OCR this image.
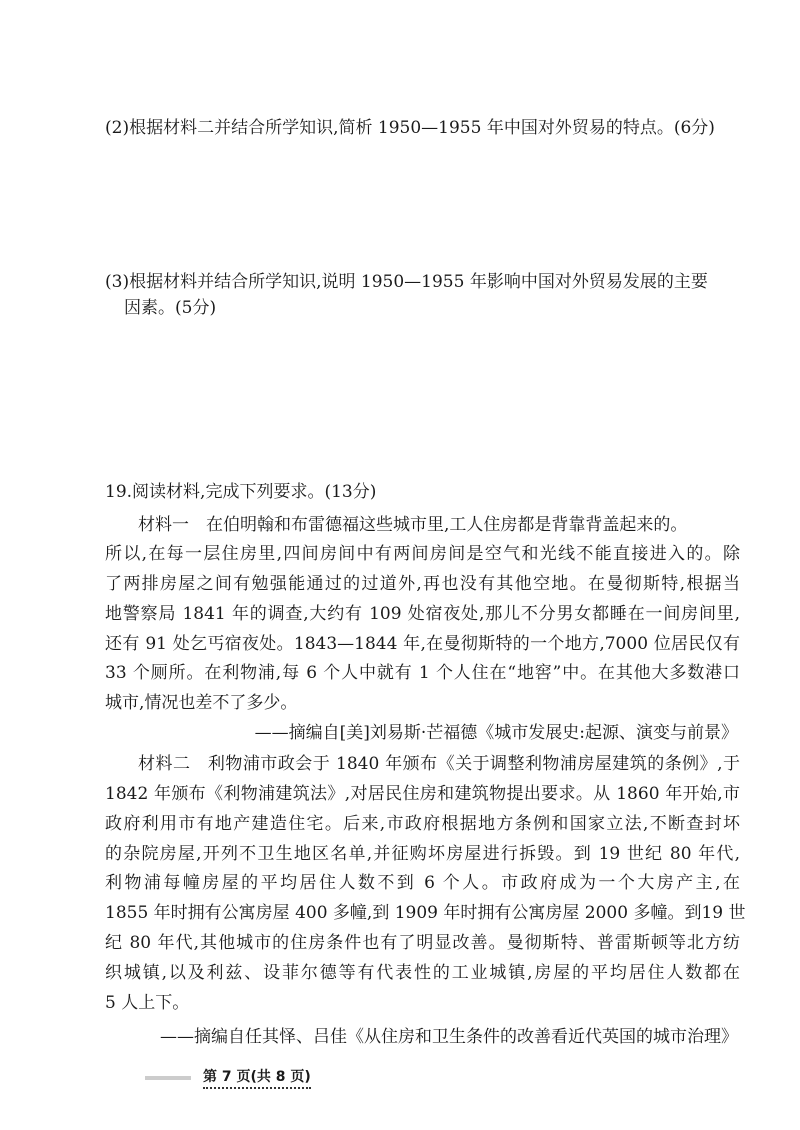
(2)根据材料二并结合所学知识,简析 1950—1955 年中国对外贸易的特点。(6分)
(3)根据材料并结合所学知识,说明 1950—1955 年影响中国对外贸易发展的主要
因素。(5分)
19.阅读材料,完成下列要求。(13分)
材料一　在伯明翰和布雷德福这些城市里,工人住房都是背靠背盖起来的。
所以,在每一层住房里,四间房间中有两间房间是空气和光线不能直接进入的。除
了两排房屋之间有勉强能通过的过道外,再也没有其他空地。在曼彻斯特,根据当
地警察局 1841 年的调查,大约有 109 处宿夜处,那儿不分男女都睡在一间房间里,
还有 91 处乞丐宿夜处。1843—1844 年,在曼彻斯特的一个地方,7000 位居民仅有
33 个厕所。在利物浦,每 6 个人中就有 1 个人住在“地窖”中。在其他大多数港口
城市,情况也差不了多少。
——摘编自[美]刘易斯·芒福德《城市发展史:起源、演变与前景》
材料二　利物浦市政会于 1840 年颁布《关于调整利物浦房屋建筑的条例》,于
1842 年颁布《利物浦建筑法》,对居民住房和建筑物提出要求。从 1860 年开始,市
政府利用市有地产建造住宅。后来,市政府根据地方条例和国家立法,不断查封坏
的杂院房屋,开列不卫生地区名单,并征购坏房屋进行拆毁。到 19 世纪 80 年代,
利物浦每幢房屋的平均居住人数不到 6 个人。市政府成为一个大房产主,在
1855 年时拥有公寓房屋 400 多幢,到 1909 年时拥有公寓房屋 2000 多幢。到19 世
纪 80 年代,其他城市的住房条件也有了明显改善。曼彻斯特、普雷斯顿等北方纺
织城镇,以及利兹、设菲尔德等有代表性的工业城镇,房屋的平均居住人数都在
5 人上下。
——摘编自任其怿、吕佳《从住房和卫生条件的改善看近代英国的城市治理》
第 7 页(共 8 页)
